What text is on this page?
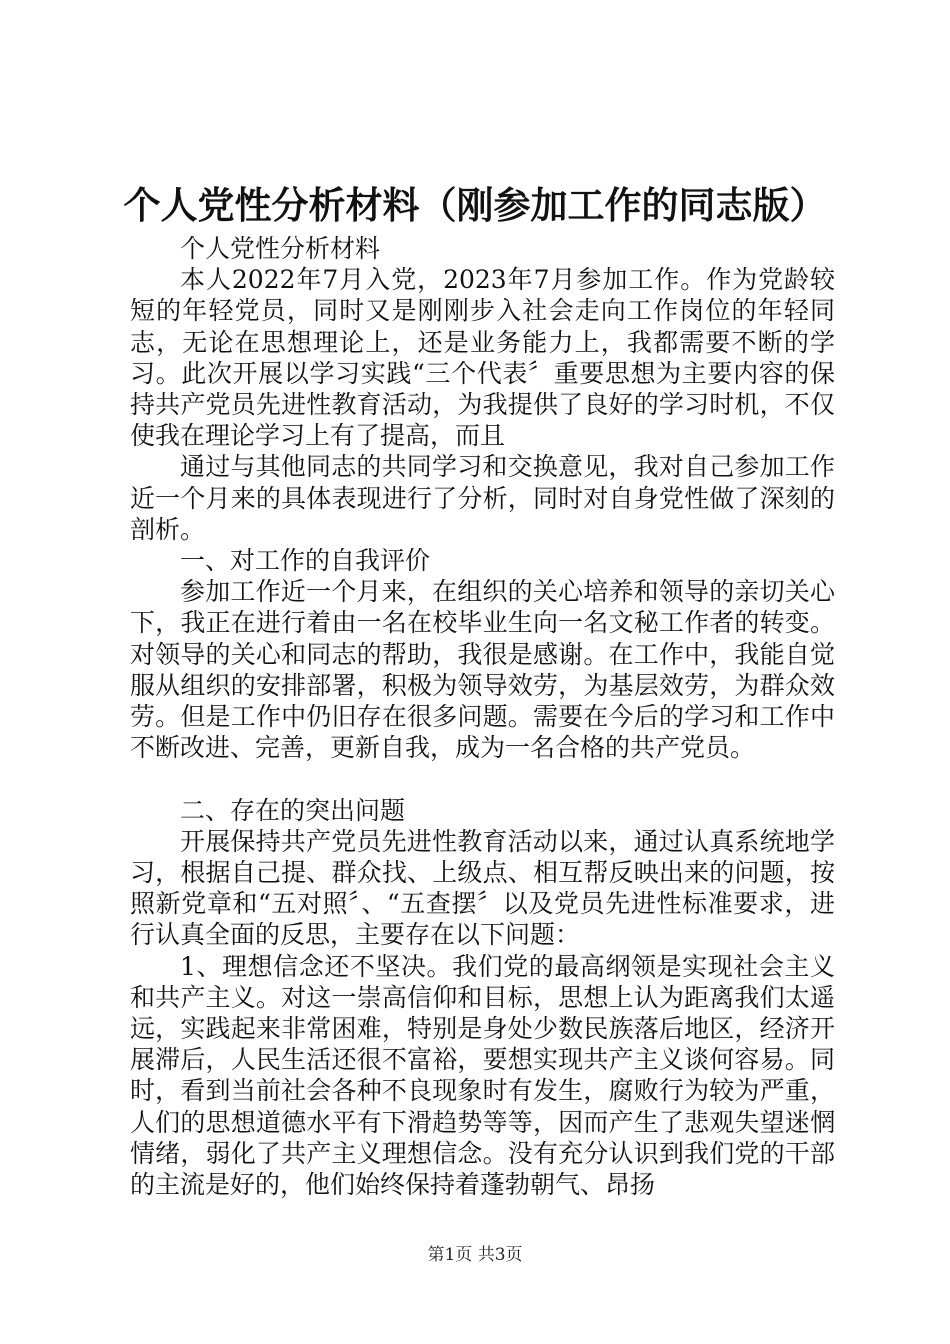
个人党性分析材料（刚参加工作的同志版）

个人党性分析材料

本人2022年7月入党，2023年7月参加工作。作为党龄较短的年轻党员，同时又是刚刚步入社会走向工作岗位的年轻同志，无论在思想理论上，还是业务能力上，我都需要不断的学习。此次开展以学习实践“三个代表〞重要思想为主要内容的保持共产党员先进性教育活动，为我提供了良好的学习时机，不仅使我在理论学习上有了提高，而且

通过与其他同志的共同学习和交换意见，我对自己参加工作近一个月来的具体表现进行了分析，同时对自身党性做了深刻的剖析。

一、对工作的自我评价

参加工作近一个月来，在组织的关心培养和领导的亲切关心下，我正在进行着由一名在校毕业生向一名文秘工作者的转变。对领导的关心和同志的帮助，我很是感谢。在工作中，我能自觉服从组织的安排部署，积极为领导效劳，为基层效劳，为群众效劳。但是工作中仍旧存在很多问题。需要在今后的学习和工作中不断改进、完善，更新自我，成为一名合格的共产党员。

二、存在的突出问题

开展保持共产党员先进性教育活动以来，通过认真系统地学习，根据自己提、群众找、上级点、相互帮反映出来的问题，按照新党章和“五对照〞、“五查摆〞以及党员先进性标准要求，进行认真全面的反思，主要存在以下问题：

1、理想信念还不坚决。我们党的最高纲领是实现社会主义和共产主义。对这一崇高信仰和目标，思想上认为距离我们太遥远，实践起来非常困难，特别是身处少数民族落后地区，经济开展滞后，人民生活还很不富裕，要想实现共产主义谈何容易。同时，看到当前社会各种不良现象时有发生，腐败行为较为严重，人们的思想道德水平有下滑趋势等等，因而产生了悲观失望迷惘情绪，弱化了共产主义理想信念。没有充分认识到我们党的干部的主流是好的，他们始终保持着蓬勃朝气、昂扬

第1页 共3页
